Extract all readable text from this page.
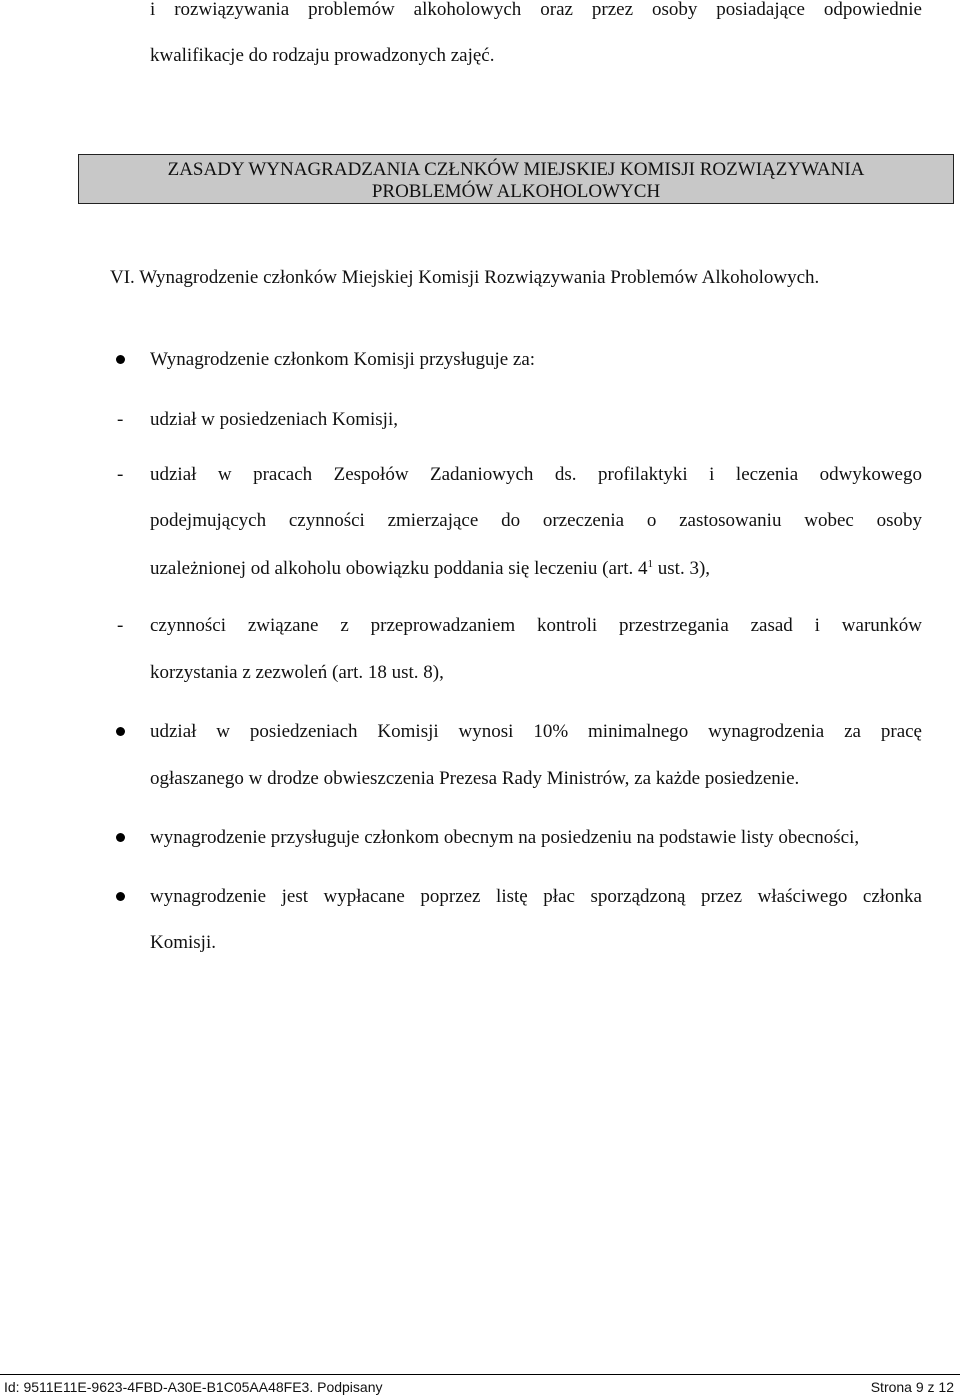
i rozwiązywania problemów alkoholowych oraz przez osoby posiadające odpowiednie
kwalifikacje do rodzaju prowadzonych zajęć.
ZASADY WYNAGRADZANIA CZŁNKÓW MIEJSKIEJ KOMISJI ROZWIĄZYWANIA
PROBLEMÓW ALKOHOLOWYCH
VI. Wynagrodzenie członków Miejskiej Komisji Rozwiązywania Problemów Alkoholowych.
Wynagrodzenie członkom Komisji przysługuje za:
- udział w posiedzeniach Komisji,
- udział w pracach Zespołów Zadaniowych ds. profilaktyki i leczenia odwykowego
podejmujących czynności zmierzające do orzeczenia o zastosowaniu wobec osoby
uzależnionej od alkoholu obowiązku poddania się leczeniu (art. $4^1$ ust. 3),
- czynności związane z przeprowadzaniem kontroli przestrzegania zasad i warunków
korzystania z zezwoleń (art. 18 ust. 8),
udział w posiedzeniach Komisji wynosi 10% minimalnego wynagrodzenia za pracę
ogłaszanego w drodze obwieszczenia Prezesa Rady Ministrów, za każde posiedzenie.
wynagrodzenie przysługuje członkom obecnym na posiedzeniu na podstawie listy obecności,
wynagrodzenie jest wypłacane poprzez listę płac sporządzoną przez właściwego członka
Komisji.
Id: 9511E11E-9623-4FBD-A30E-B1C05AA48FE3. Podpisany	Strona 9 z 12
